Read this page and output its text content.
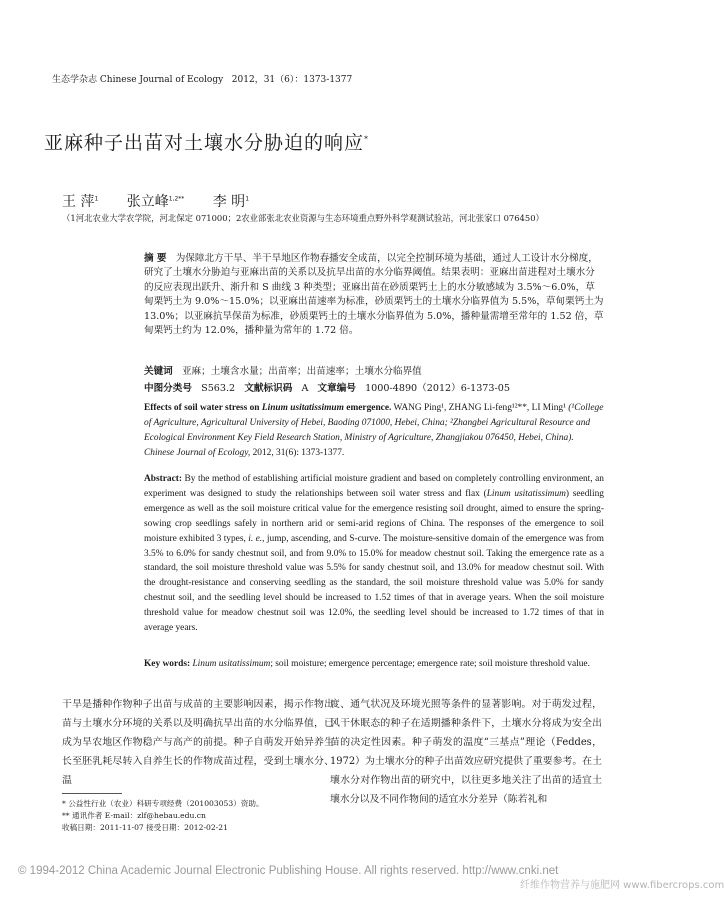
生态学杂志 Chinese Journal of Ecology 2012，31（6）：1373-1377
亚麻种子出苗对土壤水分胁迫的响应*
王 萍$^1$ 张立峰$^{1,2**}$ 李 明$^1$
（1河北农业大学农学院，河北保定 071000；2农业部张北农业资源与生态环境重点野外科学观测试验站，河北张家口 076450）
摘 要 为保障北方干旱、半干旱地区作物春播安全成苗，以完全控制环境为基础，通过人工设计水分梯度，研究了土壤水分胁迫与亚麻出苗的关系以及抗旱出苗的水分临界阈值。结果表明：亚麻出苗进程对土壤水分的反应表现出跃升、渐升和 S 曲线 3 种类型；亚麻出苗在砂质栗钙土上的水分敏感域为 3.5%～6.0%，草甸栗钙土为 9.0%～15.0%；以亚麻出苗速率为标准，砂质栗钙土的土壤水分临界值为 5.5%，草甸栗钙土为 13.0%；以亚麻抗旱保苗为标准，砂质栗钙土的土壤水分临界值为 5.0%，播种量需增至常年的 1.52 倍，草甸栗钙土约为 12.0%，播种量为常年的 1.72 倍。
关键词 亚麻；土壤含水量；出苗率；出苗速率；土壤水分临界值
中图分类号 S563.2 文献标识码 A 文章编号 1000-4890（2012）6-1373-05
Effects of soil water stress on Linum usitatissimum emergence. WANG Ping¹, ZHANG Li-feng¹²**, LI Ming¹ (¹College of Agriculture, Agricultural University of Hebei, Baoding 071000, Hebei, China; ²Zhangbei Agricultural Resource and Ecological Environment Key Field Research Station, Ministry of Agriculture, Zhangjiakou 076450, Hebei, China). Chinese Journal of Ecology, 2012, 31(6): 1373-1377.
Abstract: By the method of establishing artificial moisture gradient and based on completely controlling environment, an experiment was designed to study the relationships between soil water stress and flax (Linum usitatissimum) seedling emergence as well as the soil moisture critical value for the emergence resisting soil drought, aimed to ensure the spring-sowing crop seedlings safely in northern arid or semi-arid regions of China. The responses of the emergence to soil moisture exhibited 3 types, i. e., jump, ascending, and S-curve. The moisture-sensitive domain of the emergence was from 3.5% to 6.0% for sandy chestnut soil, and from 9.0% to 15.0% for meadow chestnut soil. Taking the emergence rate as a standard, the soil moisture threshold value was 5.5% for sandy chestnut soil, and 13.0% for meadow chestnut soil. With the drought-resistance and conserving seedling as the standard, the soil moisture threshold value was 5.0% for sandy chestnut soil, and the seedling level should be increased to 1.52 times of that in average years. When the soil moisture threshold value for meadow chestnut soil was 12.0%, the seedling level should be increased to 1.72 times of that in average years.
Key words: Linum usitatissimum; soil moisture; emergence percentage; emergence rate; soil moisture threshold value.
干旱是播种作物种子出苗与成苗的主要影响因素，揭示作物出苗与土壤水分环境的关系以及明确抗旱出苗的水分临界值，已成为旱农地区作物稳产与高产的前提。种子自萌发开始异养生长至胚乳耗尽转入自养生长的作物成苗过程，受到土壤水分、温
度、通气状况及环境光照等条件的显著影响。对于萌发过程，风干休眠态的种子在适期播种条件下，土壤水分将成为安全出苗的决定性因素。种子萌发的温度“三基点”理论（Feddes，1972）为土壤水分的种子出苗效应研究提供了重要参考。在土壤水分对作物出苗的研究中，以往更多地关注了出苗的适宜土壤水分以及不同作物间的适宜水分差异（陈若礼和
* 公益性行业（农业）科研专项经费（201003053）资助。
** 通讯作者 E-mail：zlf@hebau.edu.cn
收稿日期：2011-11-07 接受日期：2012-02-21
© 1994-2012 China Academic Journal Electronic Publishing House. All rights reserved. http://www.cnki.net
纤维作物营养与施肥网 www.fibercrops.com
